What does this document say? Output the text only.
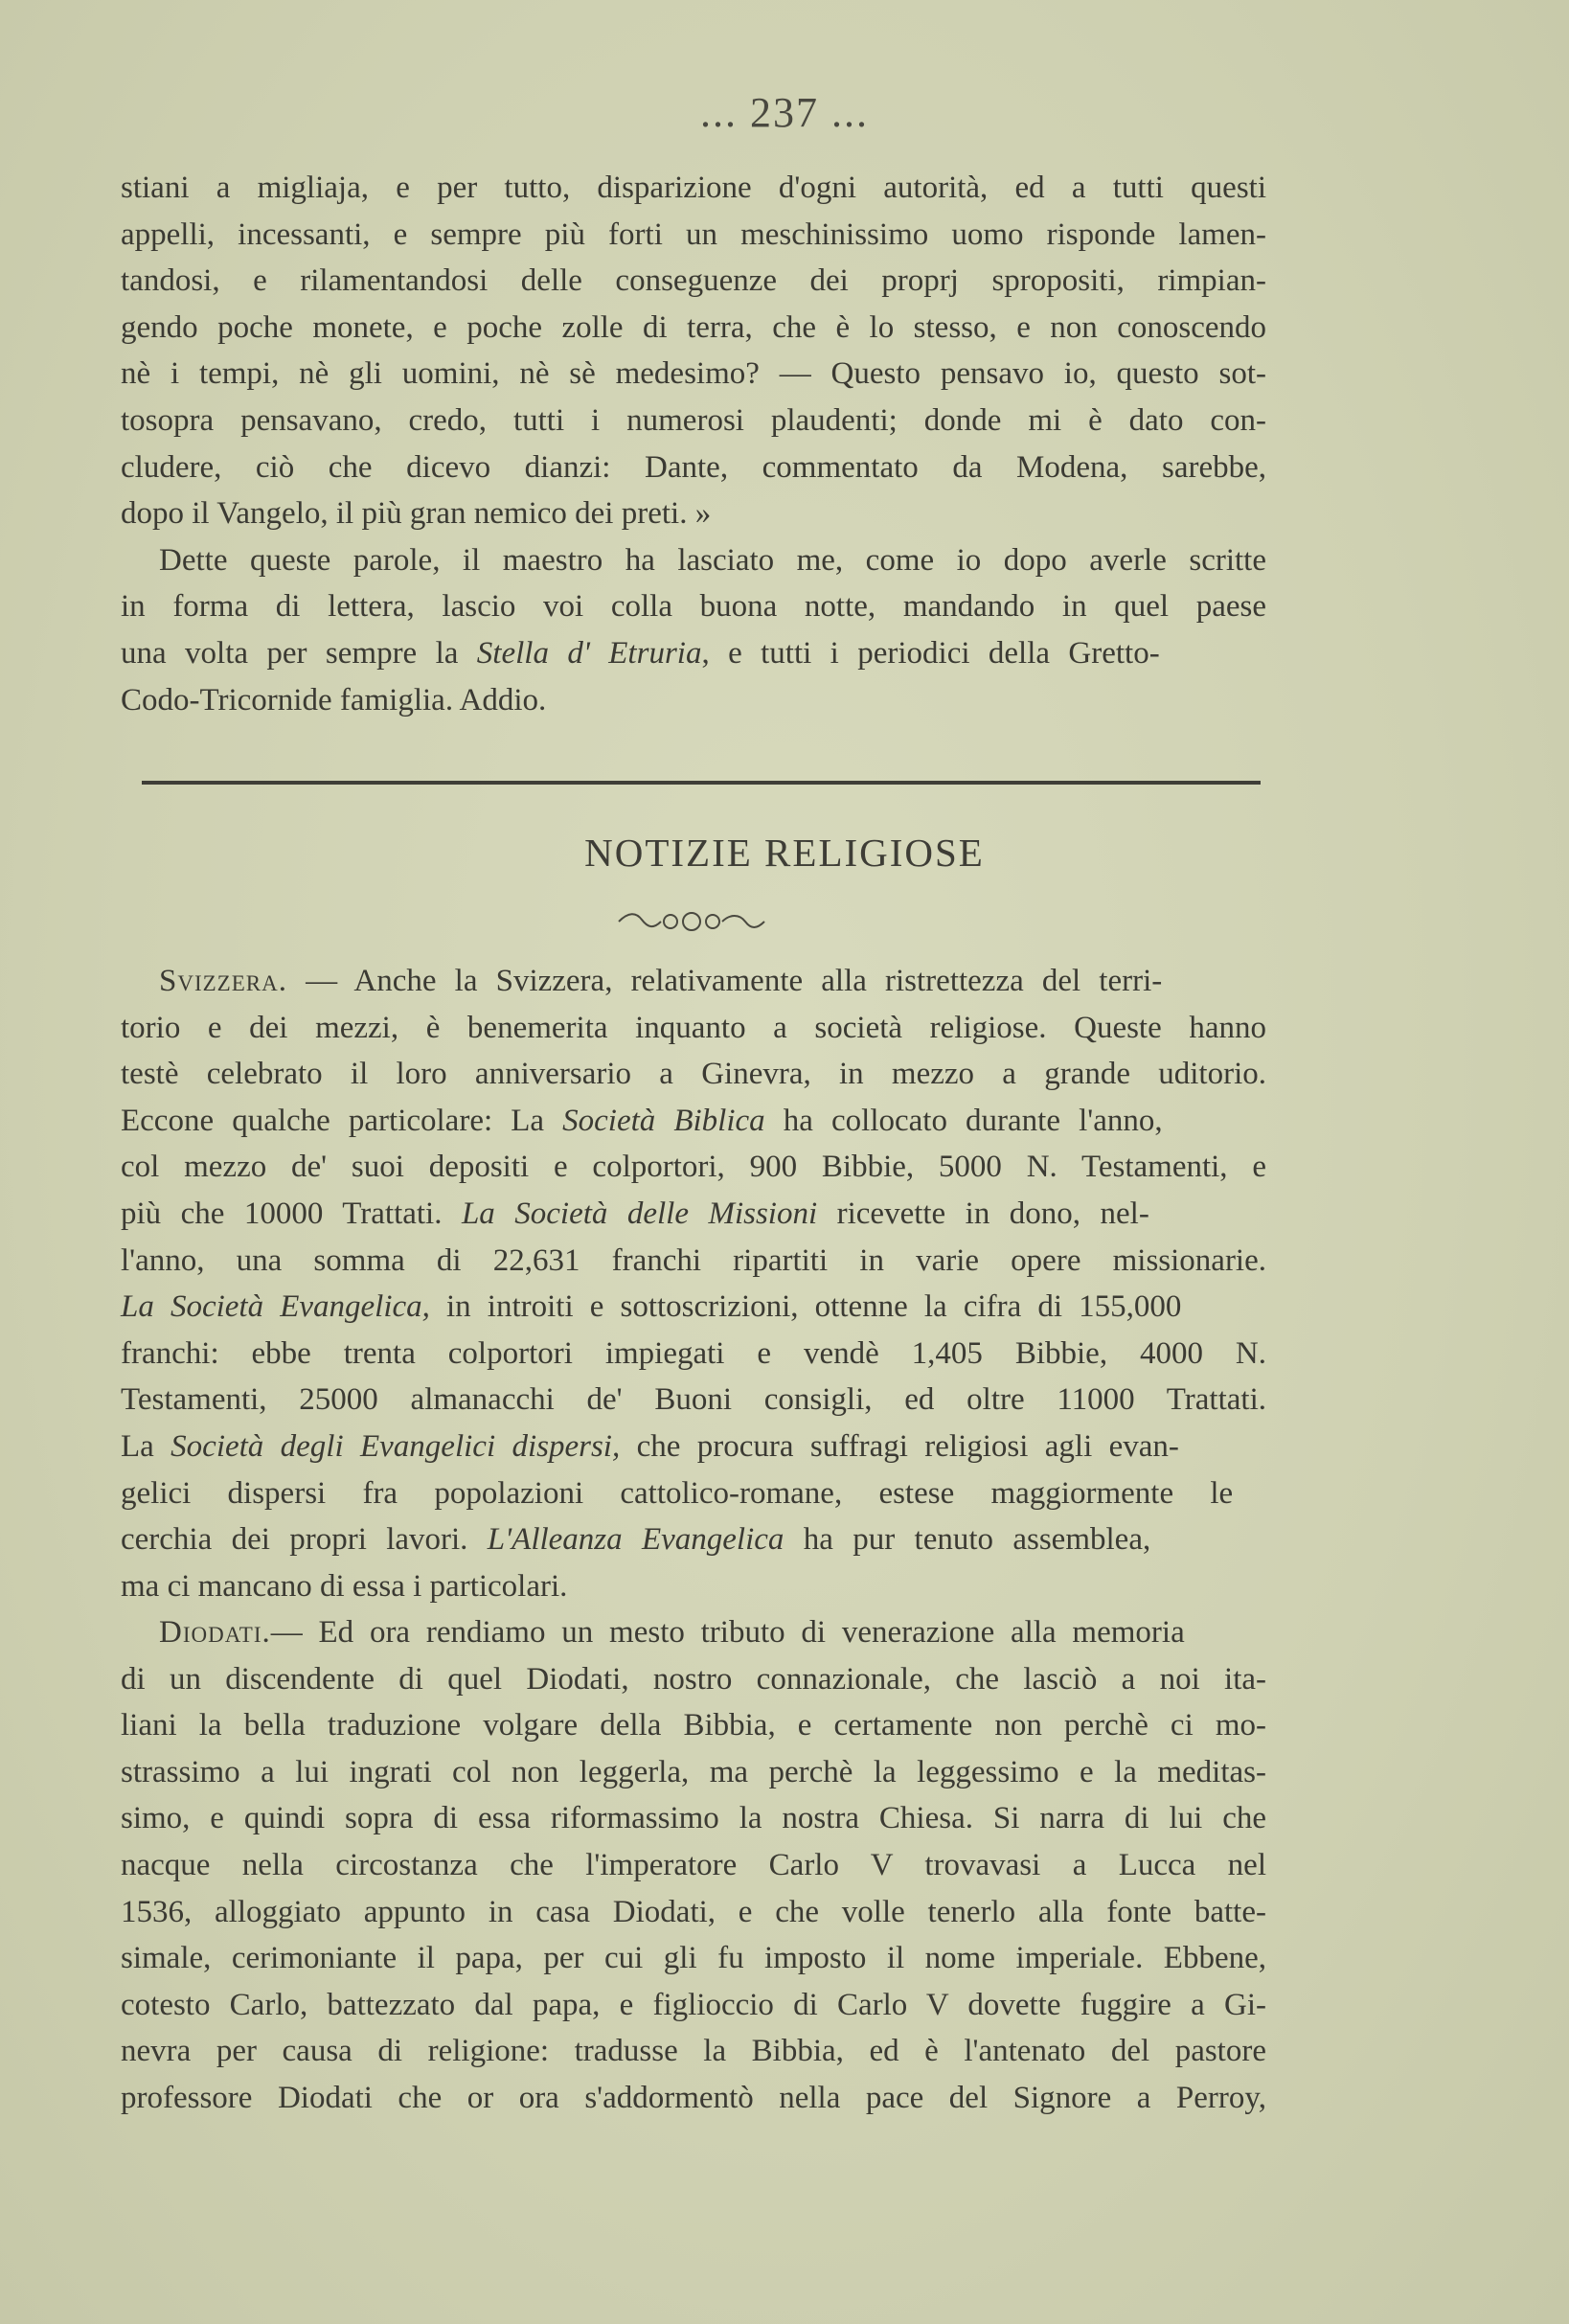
... 237 ...
stiani a migliaja, e per tutto, disparizione d'ogni autorità, ed a tutti questi
appelli, incessanti, e sempre più forti un meschinissimo uomo risponde lamen-
tandosi, e rilamentandosi delle conseguenze dei proprj spropositi, rimpian-
gendo poche monete, e poche zolle di terra, che è lo stesso, e non conoscendo
nè i tempi, nè gli uomini, nè sè medesimo? — Questo pensavo io, questo sot-
tosopra pensavano, credo, tutti i numerosi plaudenti; donde mi è dato con-
cludere, ciò che dicevo dianzi: Dante, commentato da Modena, sarebbe,
dopo il Vangelo, il più gran nemico dei preti. »
Dette queste parole, il maestro ha lasciato me, come io dopo averle scritte
in forma di lettera, lascio voi colla buona notte, mandando in quel paese
una volta per sempre la Stella d' Etruria, e tutti i periodici della Gretto-
Codo-Tricornide famiglia. Addio.
NOTIZIE RELIGIOSE
Svizzera. — Anche la Svizzera, relativamente alla ristrettezza del terri-
torio e dei mezzi, è benemerita inquanto a società religiose. Queste hanno
testè celebrato il loro anniversario a Ginevra, in mezzo a grande uditorio.
Eccone qualche particolare: La Società Biblica ha collocato durante l'anno,
col mezzo de' suoi depositi e colportori, 900 Bibbie, 5000 N. Testamenti, e
più che 10000 Trattati. La Società delle Missioni ricevette in dono, nel-
l'anno, una somma di 22,631 franchi ripartiti in varie opere missionarie.
La Società Evangelica, in introiti e sottoscrizioni, ottenne la cifra di 155,000
franchi: ebbe trenta colportori impiegati e vendè 1,405 Bibbie, 4000 N.
Testamenti, 25000 almanacchi de' Buoni consigli, ed oltre 11000 Trattati.
La Società degli Evangelici dispersi, che procura suffragi religiosi agli evan-
gelici dispersi fra popolazioni cattolico-romane, estese maggiormente le
cerchia dei propri lavori. L'Alleanza Evangelica ha pur tenuto assemblea,
ma ci mancano di essa i particolari.
Diodati.— Ed ora rendiamo un mesto tributo di venerazione alla memoria
di un discendente di quel Diodati, nostro connazionale, che lasciò a noi ita-
liani la bella traduzione volgare della Bibbia, e certamente non perchè ci mo-
strassimo a lui ingrati col non leggerla, ma perchè la leggessimo e la meditas-
simo, e quindi sopra di essa riformassimo la nostra Chiesa. Si narra di lui che
nacque nella circostanza che l'imperatore Carlo V trovavasi a Lucca nel
1536, alloggiato appunto in casa Diodati, e che volle tenerlo alla fonte batte-
simale, cerimoniante il papa, per cui gli fu imposto il nome imperiale. Ebbene,
cotesto Carlo, battezzato dal papa, e figlioccio di Carlo V dovette fuggire a Gi-
nevra per causa di religione: tradusse la Bibbia, ed è l'antenato del pastore
professore Diodati che or ora s'addormentò nella pace del Signore a Perroy,
